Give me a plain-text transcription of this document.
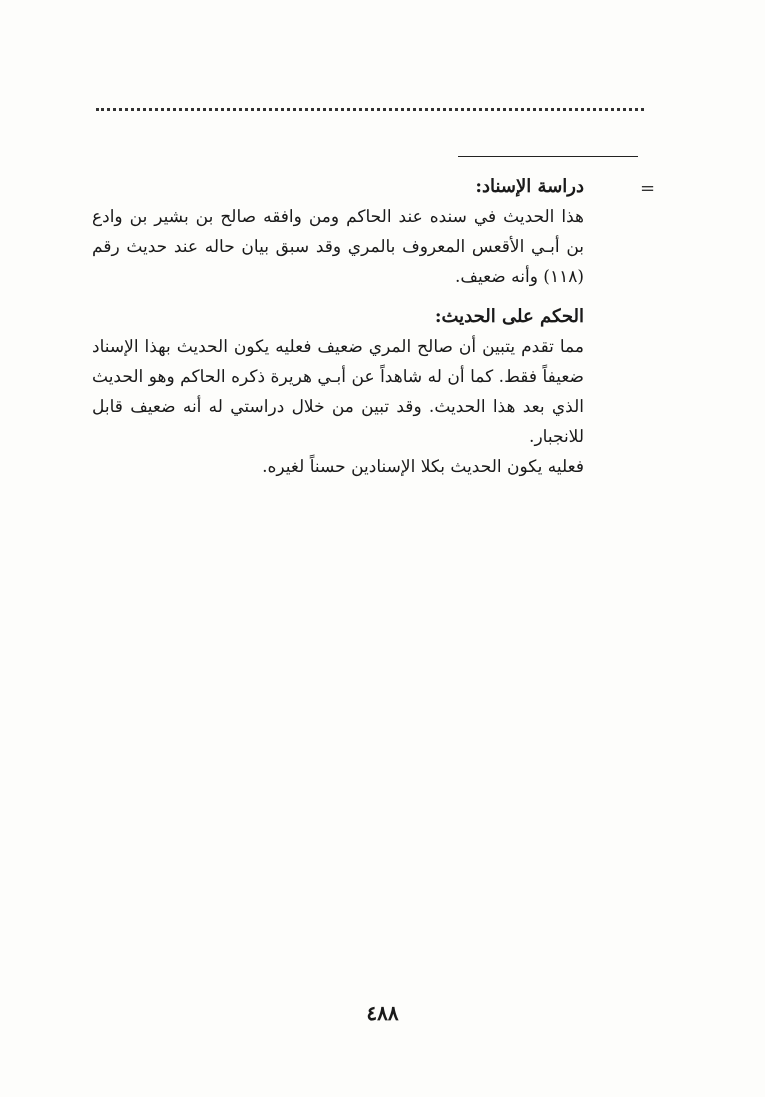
=

دراسة الإسناد:

هذا الحديث في سنده عند الحاكم ومن وافقه صالح بن بشير بن وادع بن أبـي الأقعس المعروف بالمري وقد سبق بيان حاله عند حديث رقم (١١٨) وأنه ضعيف.

الحكم على الحديث:

مما تقدم يتبين أن صالح المري ضعيف فعليه يكون الحديث بهذا الإسناد ضعيفاً فقط. كما أن له شاهداً عن أبـي هريرة ذكره الحاكم وهو الحديث الذي بعد هذا الحديث. وقد تبين من خلال دراستي له أنه ضعيف قابل للانجبار.

فعليه يكون الحديث بكلا الإسنادين حسناً لغيره.

٤٨٨
